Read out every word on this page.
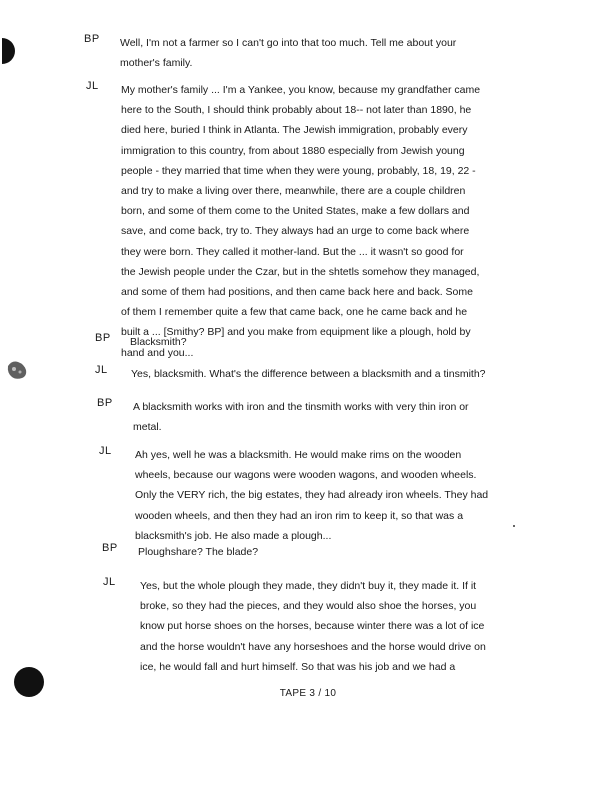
BP Well, I'm not a farmer so I can't go into that too much. Tell me about your
mother's family.
JL My mother's family ... I'm a Yankee, you know, because my grandfather came
here to the South, I should think probably about 18-- not later than 1890, he
died here, buried I think in Atlanta. The Jewish immigration, probably every
immigration to this country, from about 1880 especially from Jewish young
people - they married that time when they were young, probably, 18, 19, 22 -
and try to make a living over there, meanwhile, there are a couple children
born, and some of them come to the United States, make a few dollars and
save, and come back, try to. They always had an urge to come back where
they were born. They called it mother-land. But the ... it wasn't so good for
the Jewish people under the Czar, but in the shtetls somehow they managed,
and some of them had positions, and then came back here and back. Some
of them I remember quite a few that came back, one he came back and he
built a ... [Smithy? BP] and you make from equipment like a plough, hold by
hand and you...
BP Blacksmith?
JL Yes, blacksmith. What's the difference between a blacksmith and a tinsmith?
BP A blacksmith works with iron and the tinsmith works with very thin iron or
metal.
JL Ah yes, well he was a blacksmith. He would make rims on the wooden
wheels, because our wagons were wooden wagons, and wooden wheels.
Only the VERY rich, the big estates, they had already iron wheels. They had
wooden wheels, and then they had an iron rim to keep it, so that was a
blacksmith's job. He also made a plough...
BP Ploughshare? The blade?
JL Yes, but the whole plough they made, they didn't buy it, they made it. If it
broke, so they had the pieces, and they would also shoe the horses, you
know put horse shoes on the horses, because winter there was a lot of ice
and the horse wouldn't have any horseshoes and the horse would drive on
ice, he would fall and hurt himself. So that was his job and we had a
TAPE 3 / 10
